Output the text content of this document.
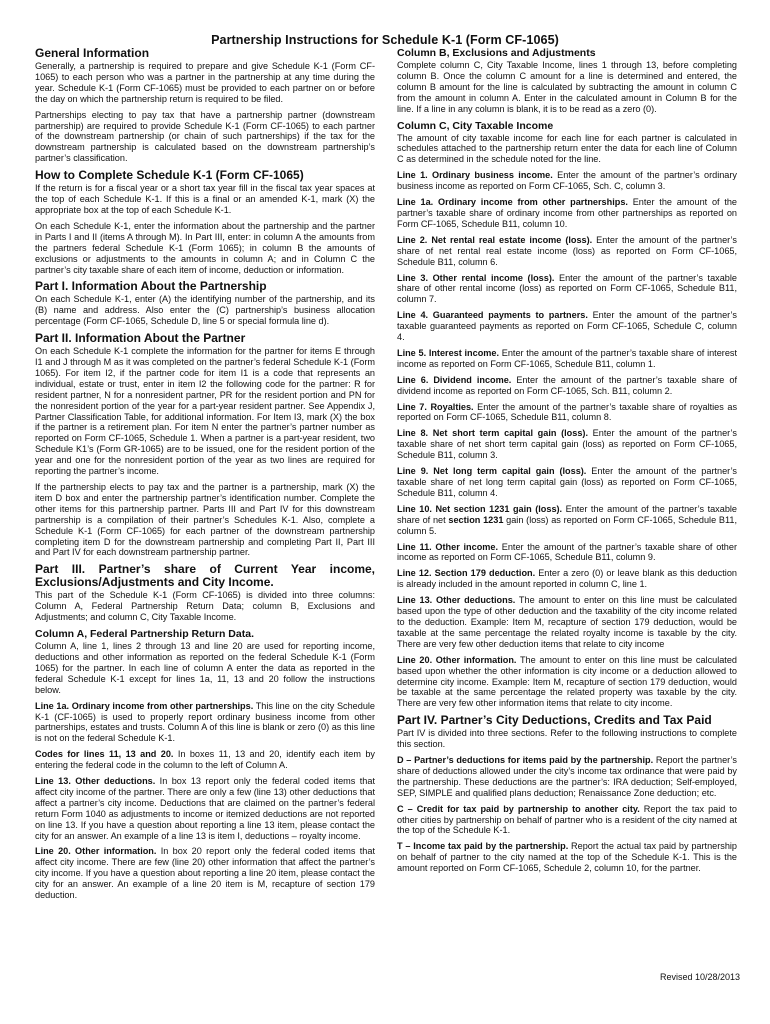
Partnership Instructions for Schedule K-1 (Form CF-1065)
General Information

Generally, a partnership is required to prepare and give Schedule K-1 (Form CF-1065) to each person who was a partner in the partnership at any time during the year. Schedule K-1 (Form CF-1065) must be provided to each partner on or before the day on which the partnership return is required to be filed.

Partnerships electing to pay tax that have a partnership partner (downstream partnership) are required to provide Schedule K-1 (Form CF-1065) to each partner of the downstream partnership (or chain of such partnerships) if the tax for the downstream partnership is calculated based on the downstream partnership’s partner’s classification.

How to Complete Schedule K-1 (Form CF-1065)

If the return is for a fiscal year or a short tax year fill in the fiscal tax year spaces at the top of each Schedule K-1. If this is a final or an amended K-1, mark (X) the appropriate box at the top of each Schedule K-1.

On each Schedule K-1, enter the information about the partnership and the partner in Parts I and II (items A through M). In Part III, enter: in column A the amounts from the partners federal Schedule K-1 (Form 1065); in column B the amounts of exclusions or adjustments to the amounts in column A; and in Column C the partner’s city taxable share of each item of income, deduction or information.

Part I. Information About the Partnership

On each Schedule K-1, enter (A) the identifying number of the partnership, and its (B) name and address. Also enter the (C) partnership’s business allocation percentage (Form CF-1065, Schedule D, line 5 or special formula line d).

Part II. Information About the Partner

On each Schedule K-1 complete the information for the partner for items E through I1 and J through M as it was completed on the partner’s federal Schedule K-1 (Form 1065). For item I2, if the partner code for item I1 is a code that represents an individual, estate or trust, enter in item I2 the following code for the partner: R for resident partner, N for a nonresident partner, PR for the resident portion and PN for the nonresident portion of the year for a part-year resident partner. See Appendix J, Partner Classification Table, for additional information. For Item I3, mark (X) the box if the partner is a retirement plan. For item N enter the partner’s partner number as reported on Form CF-1065, Schedule 1. When a partner is a part-year resident, two Schedule K1’s (Form GR-1065) are to be issued, one for the resident portion of the year and one for the nonresident portion of the year as two lines are required for reporting the partner’s income.

If the partnership elects to pay tax and the partner is a partnership, mark (X) the item D box and enter the partnership partner’s identification number. Complete the other items for this partnership partner. Parts III and Part IV for this downstream partnership is a compilation of their partner’s Schedules K-1. Also, complete a Schedule K-1 (Form CF-1065) for each partner of the downstream partnership completing item D for the downstream partnership and completing Part II, Part III and Part IV for each downstream partnership partner.

Part III. Partner’s share of Current Year income, Exclusions/Adjustments and City Income.

This part of the Schedule K-1 (Form CF-1065) is divided into three columns: Column A, Federal Partnership Return Data; column B, Exclusions and Adjustments; and column C, City Taxable Income.

Column A, Federal Partnership Return Data.

Column A, line 1, lines 2 through 13 and line 20 are used for reporting income, deductions and other information as reported on the federal Schedule K-1 (Form 1065) for the partner. In each line of column A enter the data as reported in the federal Schedule K-1 except for lines 1a, 11, 13 and 20 follow the instructions below.

Line 1a. Ordinary income from other partnerships. This line on the city Schedule K-1 (CF-1065) is used to properly report ordinary business income from other partnerships, estates and trusts. Column A of this line is blank or zero (0) as this line is not on the federal Schedule K-1.

Codes for lines 11, 13 and 20. In boxes 11, 13 and 20, identify each item by entering the federal code in the column to the left of Column A.

Line 13. Other deductions. In box 13 report only the federal coded items that affect city income of the partner. There are only a few (line 13) other deductions that affect a partner’s city income. Deductions that are claimed on the partner’s federal return Form 1040 as adjustments to income or itemized deductions are not reported on line 13. If you have a question about reporting a line 13 item, please contact the city for an answer. An example of a line 13 is item I, deductions – royalty income.

Line 20. Other information. In box 20 report only the federal coded items that affect city income. There are few (line 20) other information that affect the partner’s city income. If you have a question about reporting a line 20 item, please contact the city for an answer. An example of a line 20 item is M, recapture of section 179 deduction.

Column B, Exclusions and Adjustments

Complete column C, City Taxable Income, lines 1 through 13, before completing column B. Once the column C amount for a line is determined and entered, the column B amount for the line is calculated by subtracting the amount in column C from the amount in column A. Enter in the calculated amount in Column B for the line. If a line in any column is blank, it is to be read as a zero (0).

Column C, City Taxable Income

The amount of city taxable income for each line for each partner is calculated in schedules attached to the partnership return enter the data for each line of Column C as determined in the schedule noted for the line.

Line 1. Ordinary business income. Enter the amount of the partner’s ordinary business income as reported on Form CF-1065, Sch. C, column 3.

Line 1a. Ordinary income from other partnerships. Enter the amount of the partner’s taxable share of ordinary income from other partnerships as reported on Form CF-1065, Schedule B11, column 10.

Line 2. Net rental real estate income (loss). Enter the amount of the partner’s share of net rental real estate income (loss) as reported on Form CF-1065, Schedule B11, column 6.

Line 3. Other rental income (loss). Enter the amount of the partner’s taxable share of other rental income (loss) as reported on Form CF-1065, Schedule B11, column 7.

Line 4. Guaranteed payments to partners. Enter the amount of the partner’s taxable guaranteed payments as reported on Form CF-1065, Schedule C, column 4.

Line 5. Interest income. Enter the amount of the partner’s taxable share of interest income as reported on Form CF-1065, Schedule B11, column 1.

Line 6. Dividend income. Enter the amount of the partner’s taxable share of dividend income as reported on Form CF-1065, Sch. B11, column 2.

Line 7. Royalties. Enter the amount of the partner’s taxable share of royalties as reported on Form CF-1065, Schedule B11, column 8.

Line 8. Net short term capital gain (loss). Enter the amount of the partner’s taxable share of net short term capital gain (loss) as reported on Form CF-1065, Schedule B11, column 3.

Line 9. Net long term capital gain (loss). Enter the amount of the partner’s taxable share of net long term capital gain (loss) as reported on Form CF-1065, Schedule B11, column 4.

Line 10. Net section 1231 gain (loss). Enter the amount of the partner’s taxable share of net section 1231 gain (loss) as reported on Form CF-1065, Schedule B11, column 5.

Line 11. Other income. Enter the amount of the partner’s taxable share of other income as reported on Form CF-1065, Schedule B11, column 9.

Line 12. Section 179 deduction. Enter a zero (0) or leave blank as this deduction is already included in the amount reported in column C, line 1.

Line 13. Other deductions. The amount to enter on this line must be calculated based upon the type of other deduction and the taxability of the city income related to the deduction. Example: Item M, recapture of section 179 deduction, would be taxable at the same percentage the related royalty income is taxable by the city. There are very few other deduction items that relate to city income

Line 20. Other information. The amount to enter on this line must be calculated based upon whether the other information is city income or a deduction allowed to determine city income. Example: Item M, recapture of section 179 deduction, would be taxable at the same percentage the related property was taxable by the city. There are very few other information items that relate to city income.

Part IV. Partner’s City Deductions, Credits and Tax Paid

Part IV is divided into three sections. Refer to the following instructions to complete this section.

D – Partner’s deductions for items paid by the partnership. Report the partner’s share of deductions allowed under the city’s income tax ordinance that were paid by the partnership. These deductions are the partner’s: IRA deduction; Self-employed, SEP, SIMPLE and qualified plans deduction; Renaissance Zone deduction; etc.

C – Credit for tax paid by partnership to another city. Report the tax paid to other cities by partnership on behalf of partner who is a resident of the city named at the top of the Schedule K-1.

T – Income tax paid by the partnership. Report the actual tax paid by partnership on behalf of partner to the city named at the top of the Schedule K-1. This is the amount reported on Form CF-1065, Schedule 2, column 10, for the partner.

Revised 10/28/2013
